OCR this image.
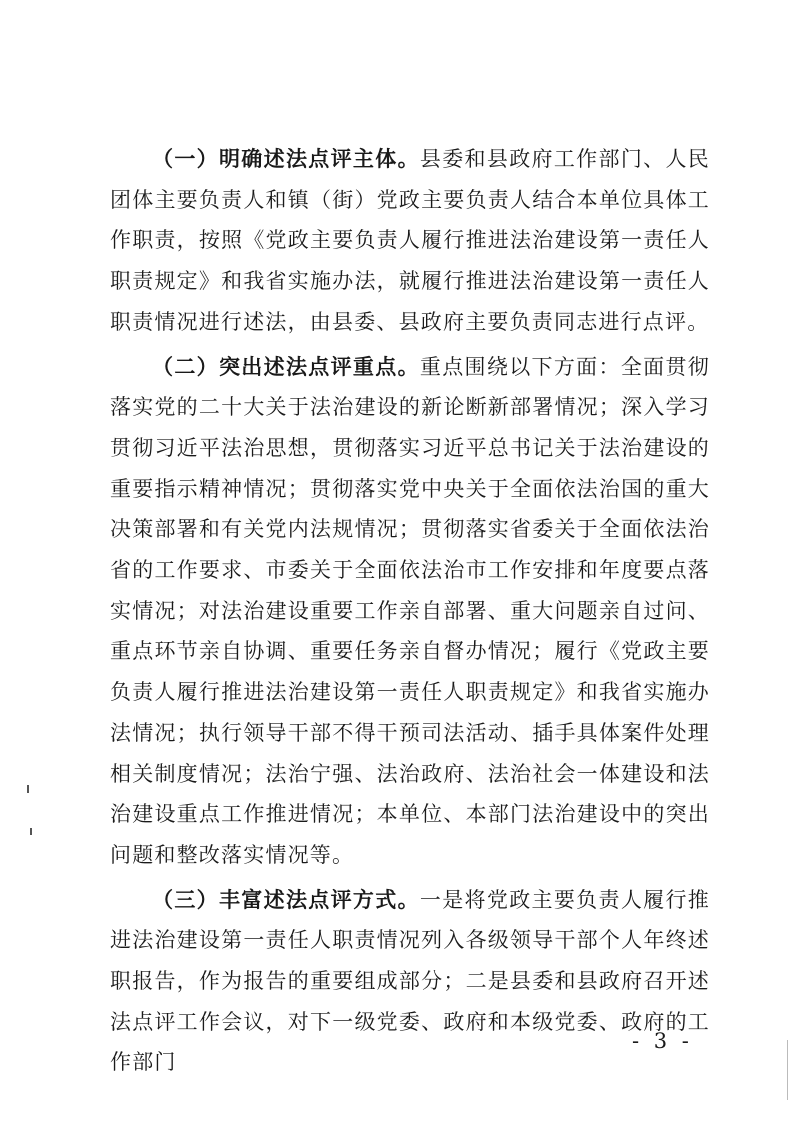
（一）明确述法点评主体。县委和县政府工作部门、人民团体主要负责人和镇（街）党政主要负责人结合本单位具体工作职责，按照《党政主要负责人履行推进法治建设第一责任人职责规定》和我省实施办法，就履行推进法治建设第一责任人职责情况进行述法，由县委、县政府主要负责同志进行点评。

（二）突出述法点评重点。重点围绕以下方面：全面贯彻落实党的二十大关于法治建设的新论断新部署情况；深入学习贯彻习近平法治思想，贯彻落实习近平总书记关于法治建设的重要指示精神情况；贯彻落实党中央关于全面依法治国的重大决策部署和有关党内法规情况；贯彻落实省委关于全面依法治省的工作要求、市委关于全面依法治市工作安排和年度要点落实情况；对法治建设重要工作亲自部署、重大问题亲自过问、重点环节亲自协调、重要任务亲自督办情况；履行《党政主要负责人履行推进法治建设第一责任人职责规定》和我省实施办法情况；执行领导干部不得干预司法活动、插手具体案件处理相关制度情况；法治宁强、法治政府、法治社会一体建设和法治建设重点工作推进情况；本单位、本部门法治建设中的突出问题和整改落实情况等。

（三）丰富述法点评方式。一是将党政主要负责人履行推进法治建设第一责任人职责情况列入各级领导干部个人年终述职报告，作为报告的重要组成部分；二是县委和县政府召开述法点评工作会议，对下一级党委、政府和本级党委、政府的工作部门

- 3 -
